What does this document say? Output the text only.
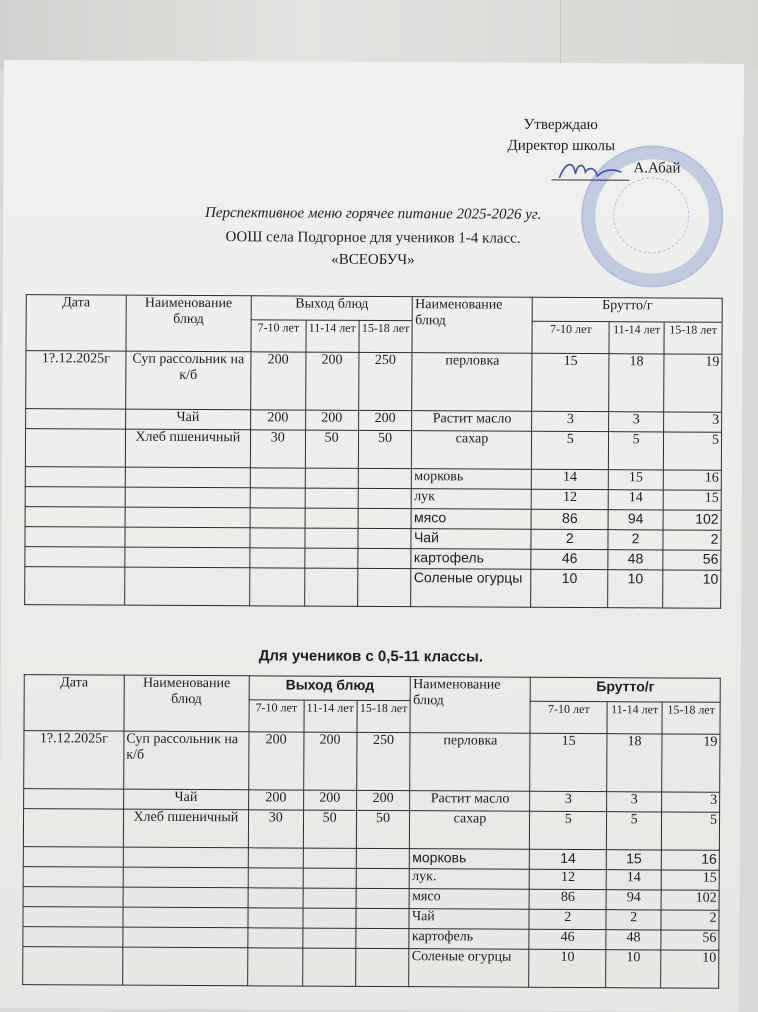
Утверждаю
Директор школы
А.Абай
Перспективное меню горячее питание 2025-2026 уг.
ООШ села Подгорное для учеников 1-4 класс.
«ВСЕОБУЧ»
Дата	Наименование блюд	Выход блюд			Наименование блюд	Брутто/г		
		7-10 лет	11-14 лет	15-18 лет		7-10 лет	11-14 лет	15-18 лет
1?.12.2025г	Суп рассольник на к/б	200	200	250	перловка	15	18	19
	Чай	200	200	200	Растит масло	3	3	3
	Хлеб пшеничный	30	50	50	сахар	5	5	5
					морковь	14	15	16
					лук	12	14	15
					мясо	86	94	102
					Чай	2	2	2
					картофель	46	48	56
					Соленые огурцы	10	10	10
Для учеников с 0,5-11 классы.
Дата	Наименование блюд	Выход блюд			Наименование блюд	Брутто/г		
		7-10 лет	11-14 лет	15-18 лет		7-10 лет	11-14 лет	15-18 лет
1?.12.2025г	Суп рассольник на к/б	200	200	250	перловка	15	18	19
	Чай	200	200	200	Растит масло	3	3	3
	Хлеб пшеничный	30	50	50	сахар	5	5	5
					морковь	14	15	16
					лук.	12	14	15
					мясо	86	94	102
					Чай	2	2	2
					картофель	46	48	56
					Соленые огурцы	10	10	10
